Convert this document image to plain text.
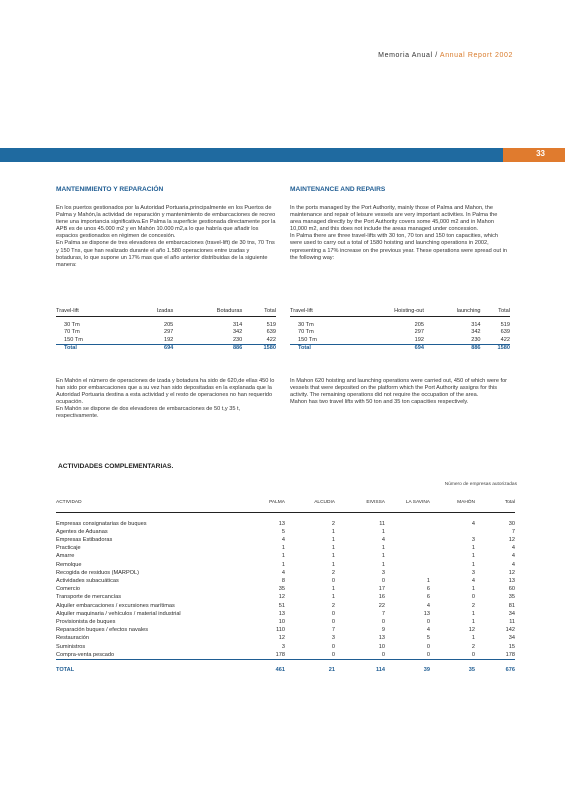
Memoria Anual / Annual Report 2002
33
MANTENIMIENTO Y REPARACIÓN

En los puertos gestionados por la Autoridad Portuaria,principalmente en los Puertos de Palma y Mahón,la actividad de reparación y mantenimiento de embarcaciones de recreo tiene una importancia significativa.En Palma la superficie gestionada directamente por la APB es de unos 45.000 m2 y en Mahón 10.000 m2,a lo que habría que añadir los espacios gestionados en régimen de concesión.

En Palma se dispone de tres elevadores de embarcaciones (travel-lift) de 30 tns, 70 Tns y 150 Tns, que han realizado durante el año 1.580 operaciones entre izadas y botaduras, lo que supone un 17% mas que el año anterior distribuidas de la siguiente manera:

MAINTENANCE AND REPAIRS

In the ports managed by the Port Authority, mainly those of Palma and Mahon, the maintenance and repair of leisure vessels are very important activities. In Palma the area managed directly by the Port Authority covers some 45,000 m2 and in Mahon 10,000 m2, and this does not include the areas managed under concession.

In Palma there are three travel-lifts with 30 ton, 70 ton and 150 ton capacities, which were used to carry out a total of 1580 hoisting and launching operations in 2002, representing a 17% increase on the previous year. These operations were spread out in the following way:

Travel-lift	Izadas	Botaduras	Total
30 Tm	205	314	519
70 Tm	297	342	639
150 Tm	192	230	422
Total	694	886	1580
Travel-lift	Hoisting-out	launching	Total
30 Tm	205	314	519
70 Tm	297	342	639
150 Tm	192	230	422
Total	694	886	1580

En Mahón el número de operaciones de izada y botadura ha sido de 620,de ellas 450 lo han sido por embarcaciones que a su vez han sido depositadas en la explanada que la Autoridad Portuaria destina a esta actividad y el resto de operaciones no han requerido ocupación.

En Mahón se dispone de dos elevadores de embarcaciones de 50 t,y 35 t, respectivamente.

In Mahon 620 hoisting and launching operations were carried out, 450 of which were for vessels that were deposited on the platform which the Port Authority assigns for this activity. The remaining operations did not require the occupation of the area.

Mahon has two travel lifts with 50 ton and 35 ton capacities respectively.

ACTIVIDADES COMPLEMENTARIAS.
Número de empresas autorizadas
ACTIVIDAD	PALMA	ALCUDIA	EIVISSA	LA SAVINA	MAHÓN	Total
Empresas consignatarias de buques	13	2	11		4	30
Agentes de Aduanas	5	1	1			7
Empresas Estibadoras	4	1	4		3	12
Practicaje	1	1	1		1	4
Amarre	1	1	1		1	4
Remolque	1	1	1		1	4
Recogida de residuos (MARPOL)	4	2	3		3	12
Actividades subacuáticas	8	0	0	1	4	13
Comercio	35	1	17	6	1	60
Transporte de mercancías	12	1	16	6	0	35
Alquiler embarcaciones / excursiones marítimas	51	2	22	4	2	81
Alquiler maquinaria / vehículos / material industrial	13	0	7	13	1	34
Provisionista de buques	10	0	0	0	1	11
Reparación buques / efectos navales	110	7	9	4	12	142
Restauración	12	3	13	5	1	34
Suministros	3	0	10	0	2	15
Compra-venta pescado	178	0	0	0	0	178
TOTAL	461	21	114	39	35	676
